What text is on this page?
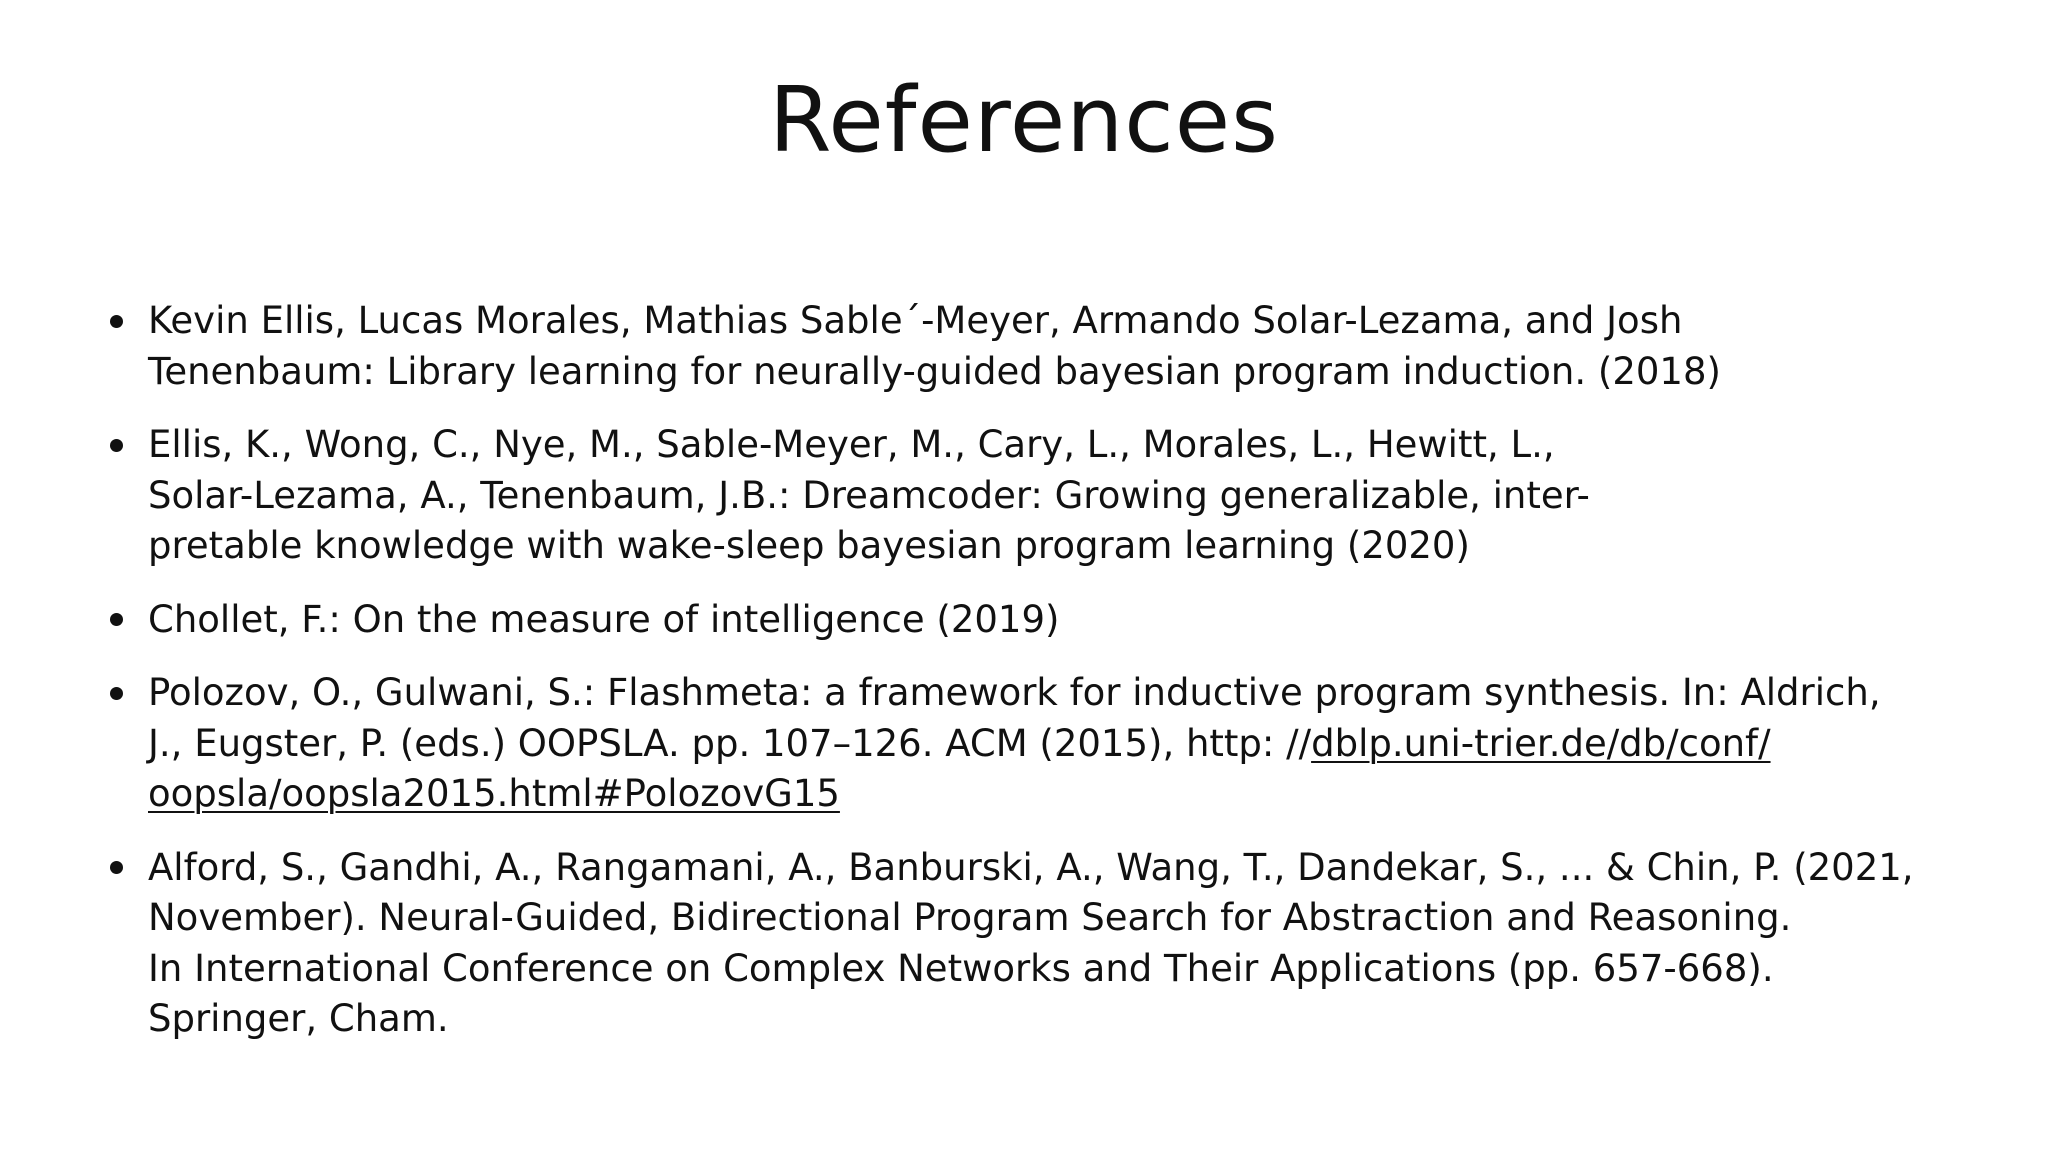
References
Kevin Ellis, Lucas Morales, Mathias Sable´-Meyer, Armando Solar-Lezama, and Josh
Tenenbaum: Library learning for neurally-guided bayesian program induction. (2018)
Ellis, K., Wong, C., Nye, M., Sable-Meyer, M., Cary, L., Morales, L., Hewitt, L.,
Solar-Lezama, A., Tenenbaum, J.B.: Dreamcoder: Growing generalizable, inter-
pretable knowledge with wake-sleep bayesian program learning (2020)
Chollet, F.: On the measure of intelligence (2019)
Polozov, O., Gulwani, S.: Flashmeta: a framework for inductive program synthesis. In: Aldrich,
J., Eugster, P. (eds.) OOPSLA. pp. 107–126. ACM (2015), http: //dblp.uni-trier.de/db/conf/
oopsla/oopsla2015.html#PolozovG15
Alford, S., Gandhi, A., Rangamani, A., Banburski, A., Wang, T., Dandekar, S., ... & Chin, P. (2021,
November). Neural-Guided, Bidirectional Program Search for Abstraction and Reasoning.
In International Conference on Complex Networks and Their Applications (pp. 657-668).
Springer, Cham.
